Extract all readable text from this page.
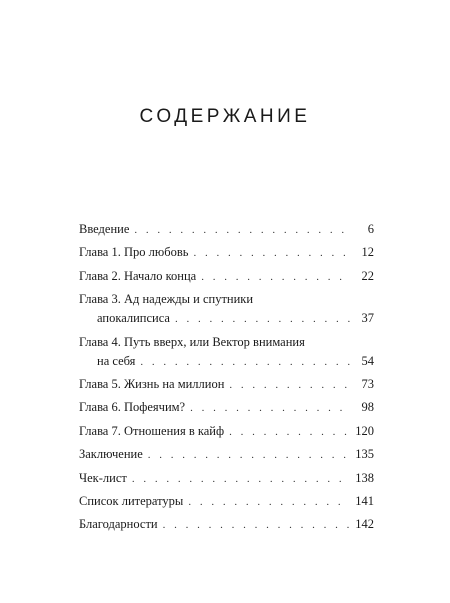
СОДЕРЖАНИЕ
Введение . . .	6
Глава 1. Про любовь . . .	12
Глава 2. Начало конца . . .	22
Глава 3. Ад надежды и спутники
апокалипсиса . . .	37
Глава 4. Путь вверх, или Вектор внимания
на себя . . .	54
Глава 5. Жизнь на миллион . . .	73
Глава 6. Пофеячим? . . .	98
Глава 7. Отношения в кайф . . .	120
Заключение . . .	135
Чек-лист . . .	138
Список литературы . . .	141
Благодарности . . .	142
